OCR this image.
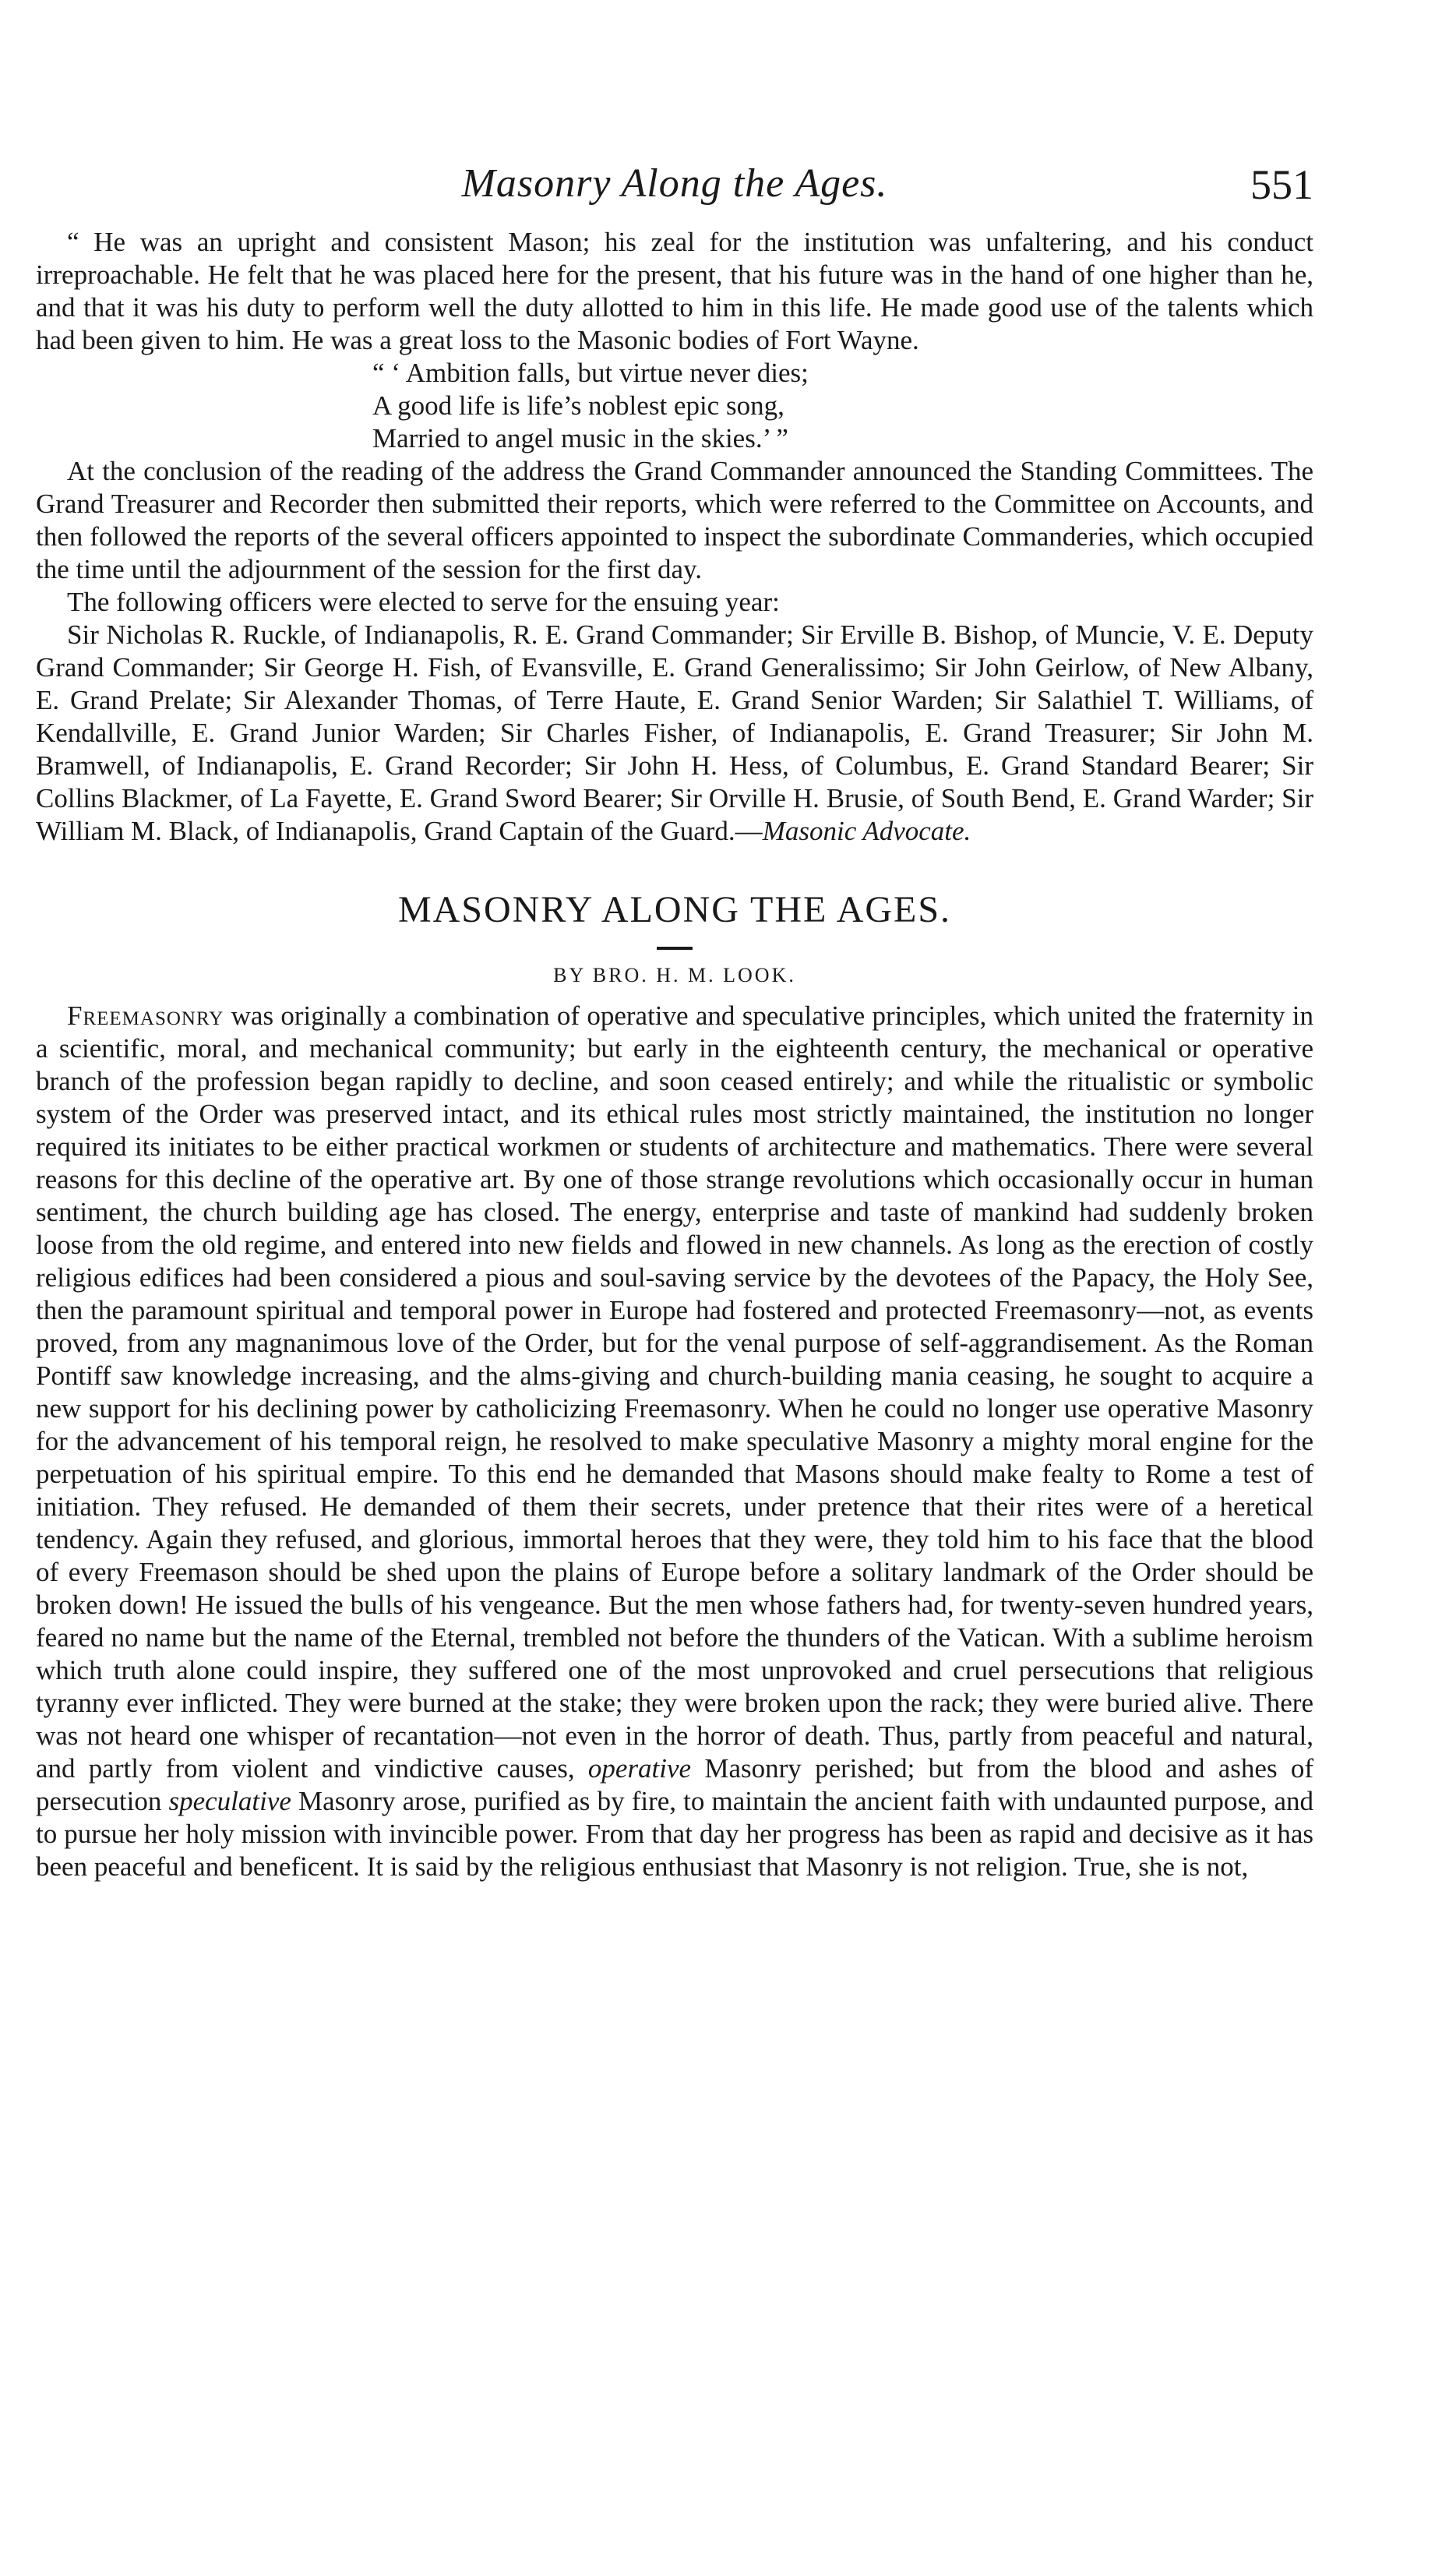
Masonry Along the Ages.	551

“ He was an upright and consistent Mason; his zeal for the institution was unfaltering, and his conduct irreproachable. He felt that he was placed here for the present, that his future was in the hand of one higher than he, and that it was his duty to perform well the duty allotted to him in this life. He made good use of the talents which had been given to him. He was a great loss to the Masonic bodies of Fort Wayne.

“ ‘ Ambition falls, but virtue never dies;
A good life is life’s noblest epic song,
Married to angel music in the skies.’ ”

At the conclusion of the reading of the address the Grand Commander announced the Standing Committees. The Grand Treasurer and Recorder then submitted their reports, which were referred to the Committee on Accounts, and then followed the reports of the several officers appointed to inspect the subordinate Commanderies, which occupied the time until the adjournment of the session for the first day.

The following officers were elected to serve for the ensuing year:

Sir Nicholas R. Ruckle, of Indianapolis, R. E. Grand Commander; Sir Erville B. Bishop, of Muncie, V. E. Deputy Grand Commander; Sir George H. Fish, of Evansville, E. Grand Generalissimo; Sir John Geirlow, of New Albany, E. Grand Prelate; Sir Alexander Thomas, of Terre Haute, E. Grand Senior Warden; Sir Salathiel T. Williams, of Kendallville, E. Grand Junior Warden; Sir Charles Fisher, of Indianapolis, E. Grand Treasurer; Sir John M. Bramwell, of Indianapolis, E. Grand Recorder; Sir John H. Hess, of Columbus, E. Grand Standard Bearer; Sir Collins Blackmer, of La Fayette, E. Grand Sword Bearer; Sir Orville H. Brusie, of South Bend, E. Grand Warder; Sir William M. Black, of Indianapolis, Grand Captain of the Guard.—Masonic Advocate.

MASONRY ALONG THE AGES.
BY BRO. H. M. LOOK.

Freemasonry was originally a combination of operative and speculative principles, which united the fraternity in a scientific, moral, and mechanical community; but early in the eighteenth century, the mechanical or operative branch of the profession began rapidly to decline, and soon ceased entirely; and while the ritualistic or symbolic system of the Order was preserved intact, and its ethical rules most strictly maintained, the institution no longer required its initiates to be either practical workmen or students of architecture and mathematics. There were several reasons for this decline of the operative art. By one of those strange revolutions which occasionally occur in human sentiment, the church building age has closed. The energy, enterprise and taste of mankind had suddenly broken loose from the old regime, and entered into new fields and flowed in new channels. As long as the erection of costly religious edifices had been considered a pious and soul-saving service by the devotees of the Papacy, the Holy See, then the paramount spiritual and temporal power in Europe had fostered and protected Freemasonry—not, as events proved, from any magnanimous love of the Order, but for the venal purpose of self-aggrandisement. As the Roman Pontiff saw knowledge increasing, and the alms-giving and church-building mania ceasing, he sought to acquire a new support for his declining power by catholicizing Freemasonry. When he could no longer use operative Masonry for the advancement of his temporal reign, he resolved to make speculative Masonry a mighty moral engine for the perpetuation of his spiritual empire. To this end he demanded that Masons should make fealty to Rome a test of initiation. They refused. He demanded of them their secrets, under pretence that their rites were of a heretical tendency. Again they refused, and glorious, immortal heroes that they were, they told him to his face that the blood of every Freemason should be shed upon the plains of Europe before a solitary landmark of the Order should be broken down! He issued the bulls of his vengeance. But the men whose fathers had, for twenty-seven hundred years, feared no name but the name of the Eternal, trembled not before the thunders of the Vatican. With a sublime heroism which truth alone could inspire, they suffered one of the most unprovoked and cruel persecutions that religious tyranny ever inflicted. They were burned at the stake; they were broken upon the rack; they were buried alive. There was not heard one whisper of recantation—not even in the horror of death. Thus, partly from peaceful and natural, and partly from violent and vindictive causes, operative Masonry perished; but from the blood and ashes of persecution speculative Masonry arose, purified as by fire, to maintain the ancient faith with undaunted purpose, and to pursue her holy mission with invincible power. From that day her progress has been as rapid and decisive as it has been peaceful and beneficent. It is said by the religious enthusiast that Masonry is not religion. True, she is not,
